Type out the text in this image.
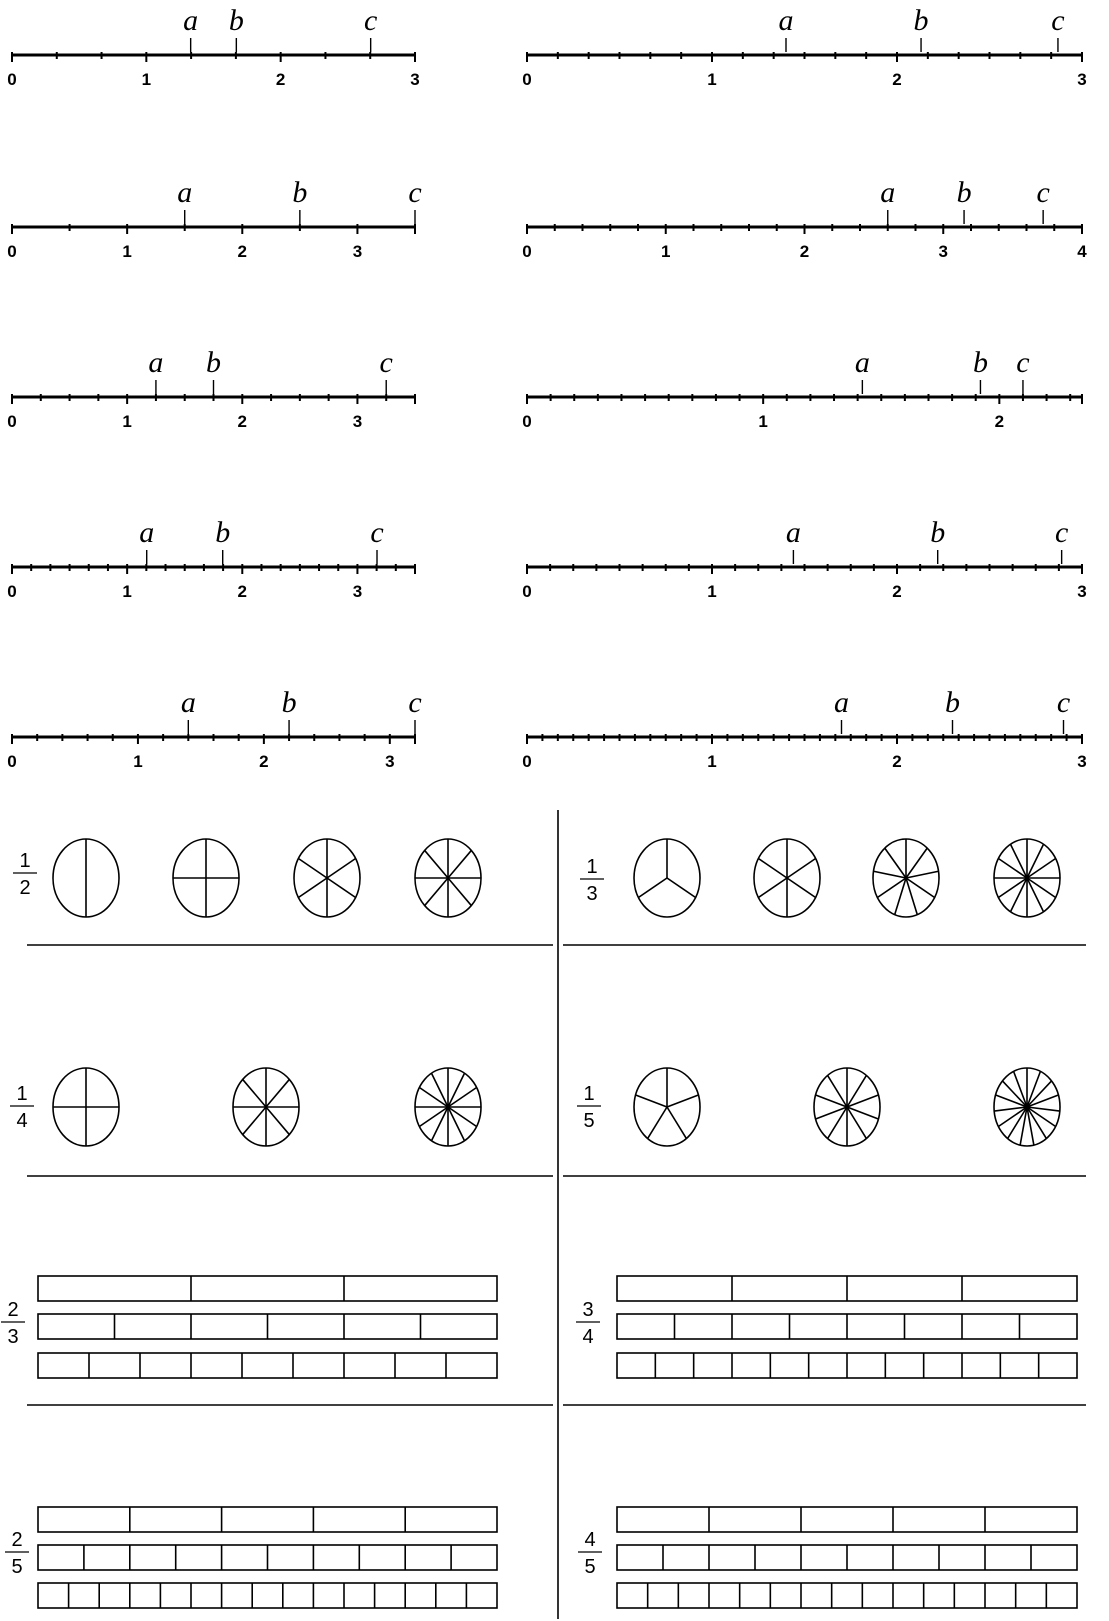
0	1	2	3
a b	c
0	1	2	3
a	b	c
0	1	2	3
a	b	c
0	1	2	3	4
a b c
0	1	2	3
a b	c
0	1	2
a	b c
0	1	2	3
a b	c
0	1	2	3
a	b	c
0	1	2	3
a	b	c
0	1	2	3
a	b	c
1
2
1
3
1
4
1
5
2
3
3
4
2
5
4
5
